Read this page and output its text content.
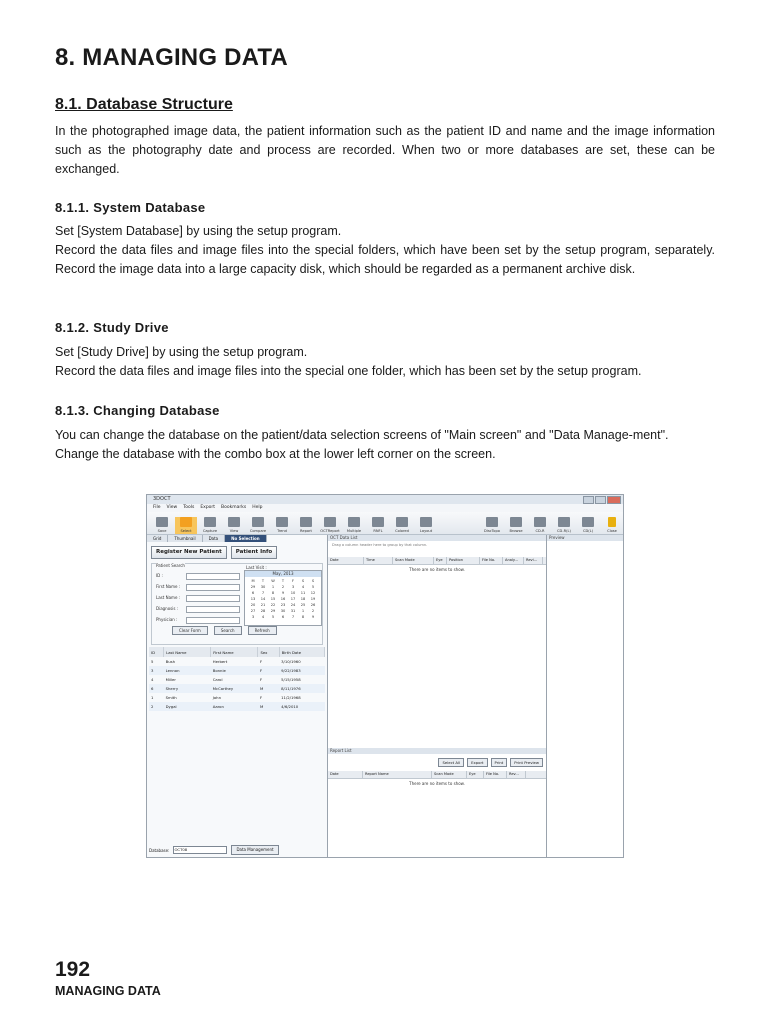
8. MANAGING DATA
8.1. Database Structure

In the photographed image data, the patient information such as the patient ID and name and the image information such as the photography date and process are recorded. When two or more databases are set, these can be exchanged.

8.1.1. System Database

Set [System Database] by using the setup program.
Record the data files and image files into the special folders, which have been set by the setup program, separately. Record the image data into a large capacity disk, which should be regarded as a permanent archive disk.

8.1.2. Study Drive

Set [Study Drive] by using the setup program.
Record the data files and image files into the special one folder, which has been set by the setup program.

8.1.3. Changing Database

You can change the database on the patient/data selection screens of "Main screen" and "Data Manage-ment".
Change the database with the combo box at the lower left corner on the screen.

3DOCT
File View Tools Export Bookmarks Help
Save	Select	Capture	View	Compare	Trend	Report	OCTReport	Multiple	RNFL	Colored	Layout	DiscTopo	Browse	CD-R	CD-R(L)	CD(L)	Close
Grid	Thumbnail	Data	No Selection
Register New Patient	Patient Info
Patient Search	Last Visit :
May, 2013
M	T	W	T	F	S	S
29	30	1	2	3	4	5
6	7	8	9	10	11	12
13	14	15	16	17	18	19
20	21	22	23	24	25	26
27	28	29	30	31	1	2
3	4	5	6	7	8	9
Clear Form	Search	Refresh
ID :
First Name :
Last Name :
Diagnosis :
Physician :
ID	Last Name	First Name	Sex	Birth Date
5	Bush	Herbert	F	3/10/1960
3	Lennon	Bonnie	F	9/22/1983
4	Miller	Carol	F	5/15/1958
6	Sherry	McCarthey	M	8/11/1976
1	Smith	John	F	11/2/1968
2	Dygal	Aaron	M	4/6/2010
Database: OCT08	Data Management
OCT Data List
Drag a column header here to group by that column.
Date	Time	Scan Mode	Eye	Position	File No.	Analy...	Revi...
There are no items to show.
Report List
Select All	Export	Print	Print Preview
Date	Report Name	Scan Mode	Eye	File No.	Rev...
There are no items to show.
Preview
192
MANAGING DATA
